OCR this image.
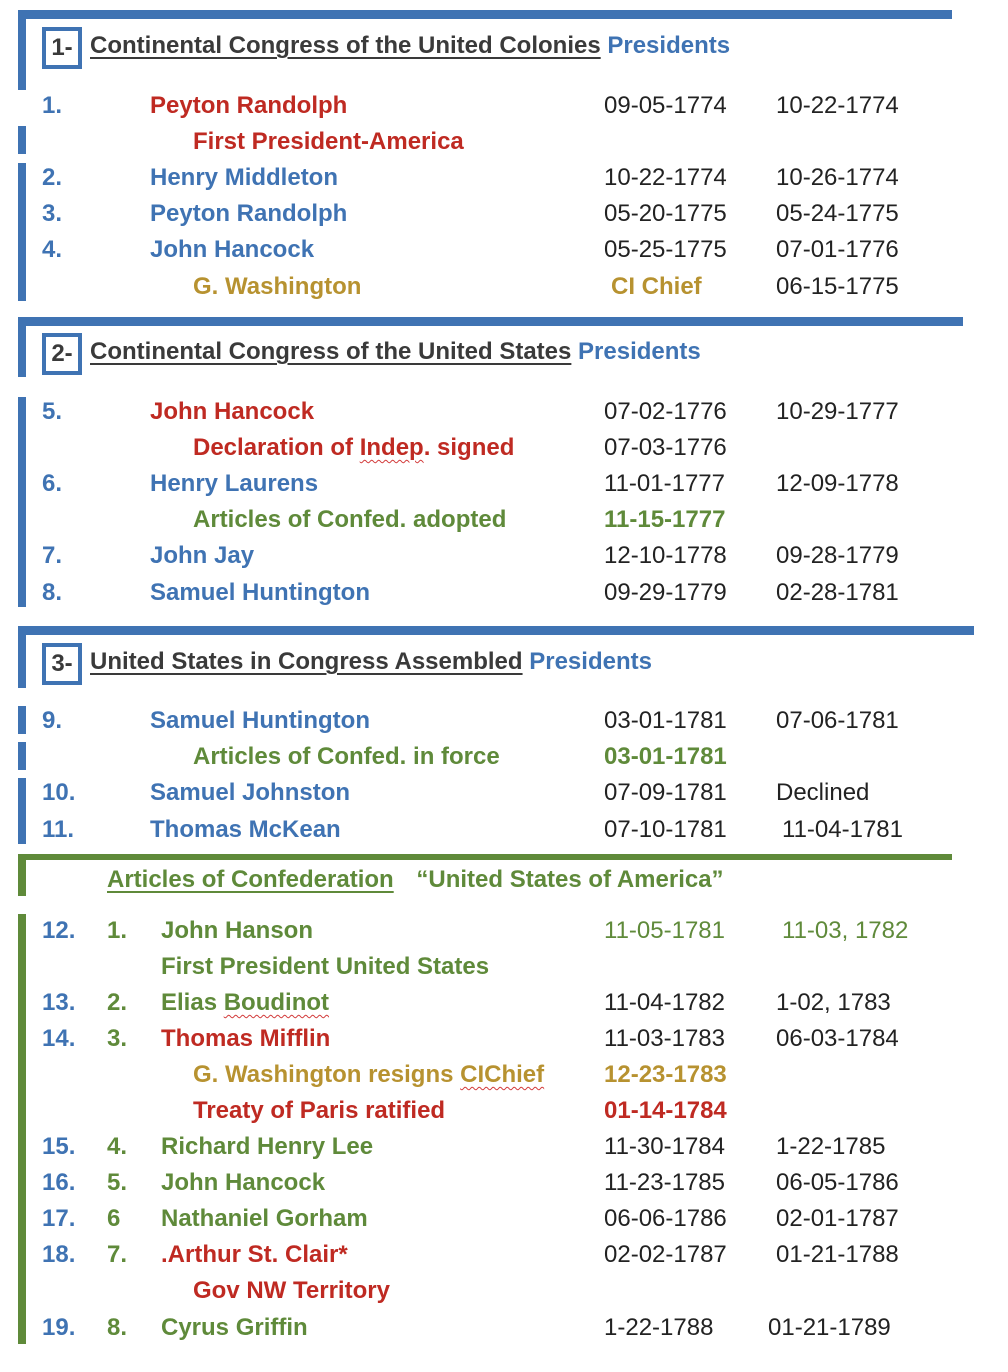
1- Continental Congress of the United Colonies Presidents
1.	Peyton Randolph	09-05-1774 10-22-1774
First President-America
2.	Henry Middleton	10-22-1774 10-26-1774
3.	Peyton Randolph	05-20-1775 05-24-1775
4.	John Hancock	05-25-1775 07-01-1776
G. Washington	CI Chief	06-15-1775
2- Continental Congress of the United States Presidents
5.	John Hancock	07-02-1776 10-29-1777
Declaration of Indep. signed	07-03-1776
6.	Henry Laurens	11-01-1777 12-09-1778
Articles of Confed. adopted	11-15-1777
7.	John Jay	12-10-1778 09-28-1779
8.	Samuel Huntington	09-29-1779 02-28-1781
3- United States in Congress Assembled Presidents
9.	Samuel Huntington	03-01-1781 07-06-1781
Articles of Confed. in force	03-01-1781
10.	Samuel Johnston	07-09-1781 Declined
11.	Thomas McKean	07-10-1781 11-04-1781
Articles of Confederation “United States of America”
12. 1. John Hanson	11-05-1781 11-03, 1782
First President United States
13. 2. Elias Boudinot	11-04-1782 1-02, 1783
14. 3. Thomas Mifflin	11-03-1783 06-03-1784
G. Washington resigns CIChief 12-23-1783
Treaty of Paris ratified	01-14-1784
15. 4. Richard Henry Lee	11-30-1784 1-22-1785
16. 5. John Hancock	11-23-1785 06-05-1786
17. 6 Nathaniel Gorham	06-06-1786 02-01-1787
18. 7. .Arthur St. Clair*	02-02-1787 01-21-1788
Gov NW Territory
19. 8. Cyrus Griffin	1-22-1788 01-21-1789
